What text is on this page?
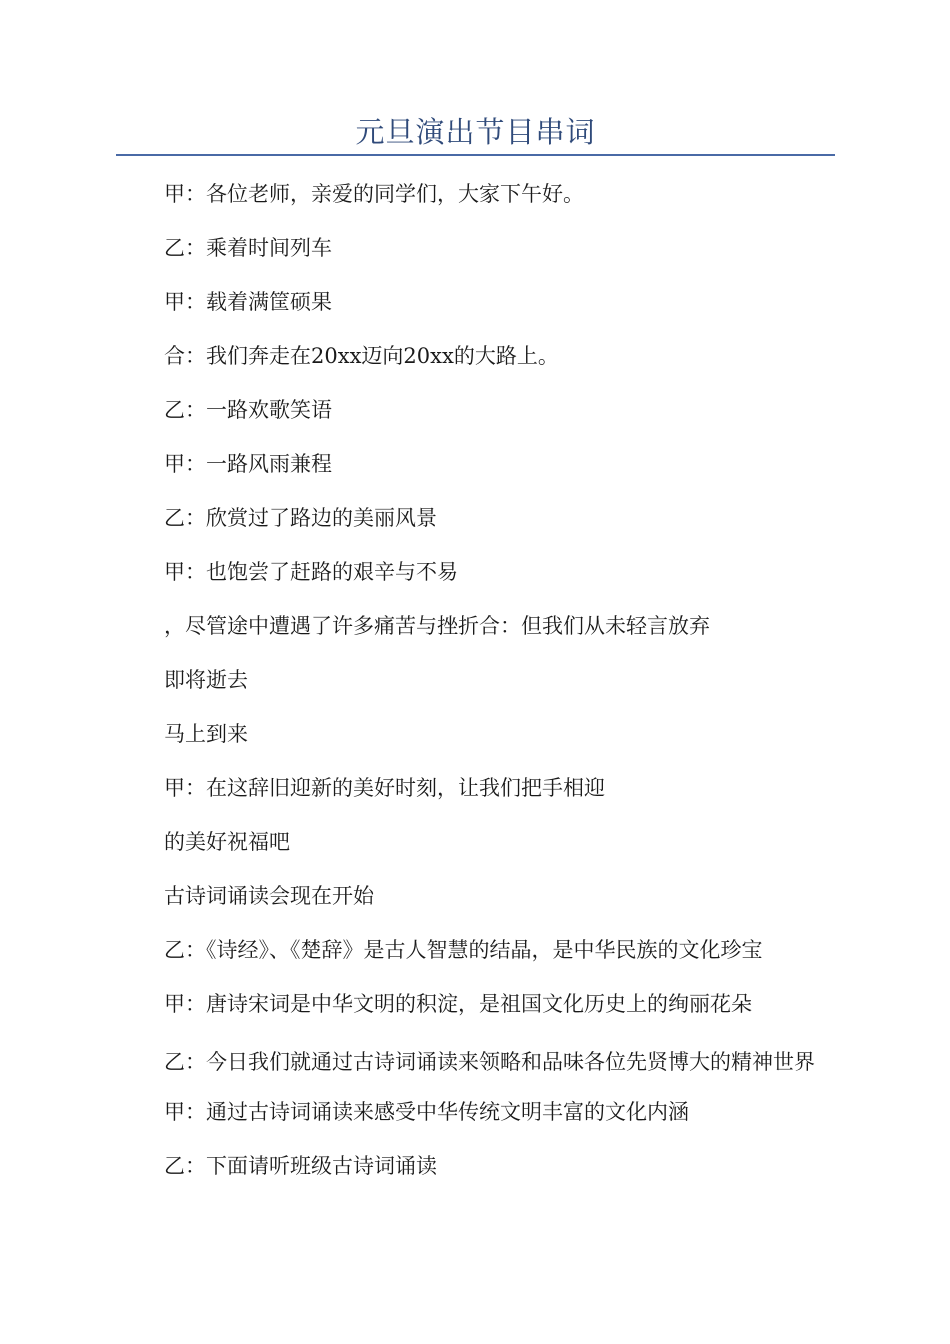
元旦演出节目串词

甲：各位老师，亲爱的同学们，大家下午好。

乙：乘着时间列车

甲：载着满筐硕果

合：我们奔走在20xx迈向20xx的大路上。

乙：一路欢歌笑语

甲：一路风雨兼程

乙：欣赏过了路边的美丽风景

甲：也饱尝了赶路的艰辛与不易

，尽管途中遭遇了许多痛苦与挫折合：但我们从未轻言放弃

即将逝去

马上到来

甲：在这辞旧迎新的美好时刻，让我们把手相迎

的美好祝福吧

古诗词诵读会现在开始

乙：《诗经》、《楚辞》是古人智慧的结晶，是中华民族的文化珍宝

甲：唐诗宋词是中华文明的积淀，是祖国文化历史上的绚丽花朵

乙：今日我们就通过古诗词诵读来领略和品味各位先贤博大的精神世界

甲：通过古诗词诵读来感受中华传统文明丰富的文化内涵

乙：下面请听班级古诗词诵读
